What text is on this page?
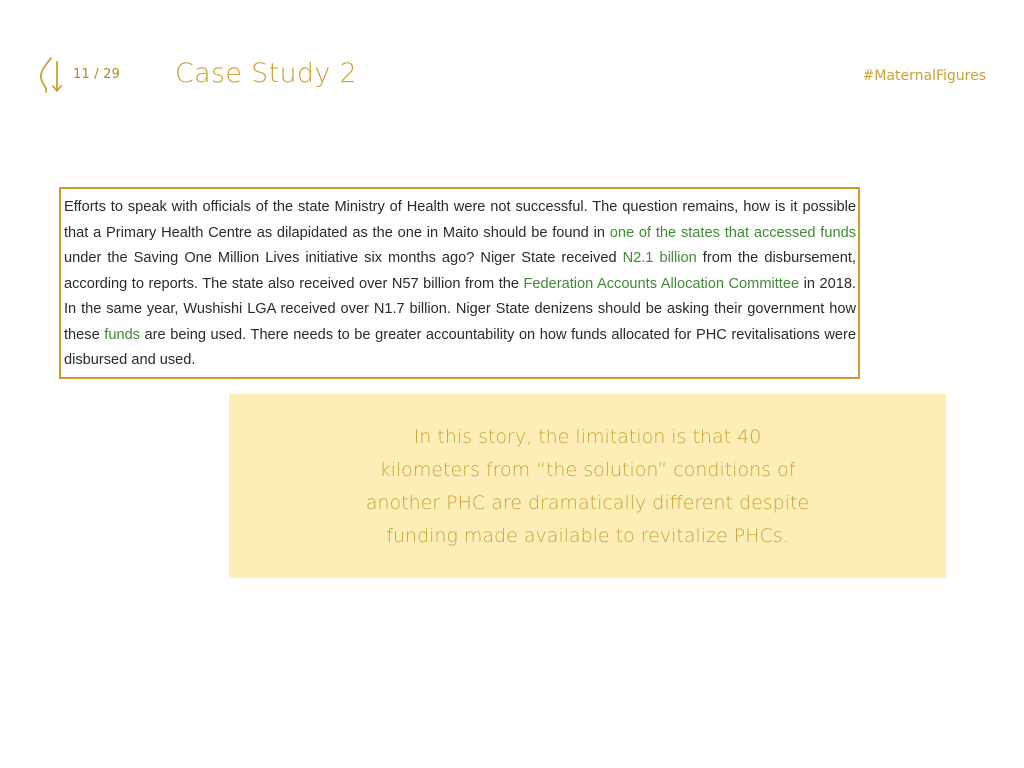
11 / 29 Case Study 2	#MaternalFigures
Efforts to speak with officials of the state Ministry of Health were not successful. The question remains, how is it possible that a Primary Health Centre as dilapidated as the one in Maito should be found in one of the states that accessed funds under the Saving One Million Lives initiative six months ago? Niger State received N2.1 billion from the disbursement, according to reports. The state also received over N57 billion from the Federation Accounts Allocation Committee in 2018. In the same year, Wushishi LGA received over N1.7 billion. Niger State denizens should be asking their government how these funds are being used. There needs to be greater accountability on how funds allocated for PHC revitalisations were disbursed and used.
In this story, the limitation is that 40
kilometers from “the solution” conditions of
another PHC are dramatically different despite
funding made available to revitalize PHCs.
